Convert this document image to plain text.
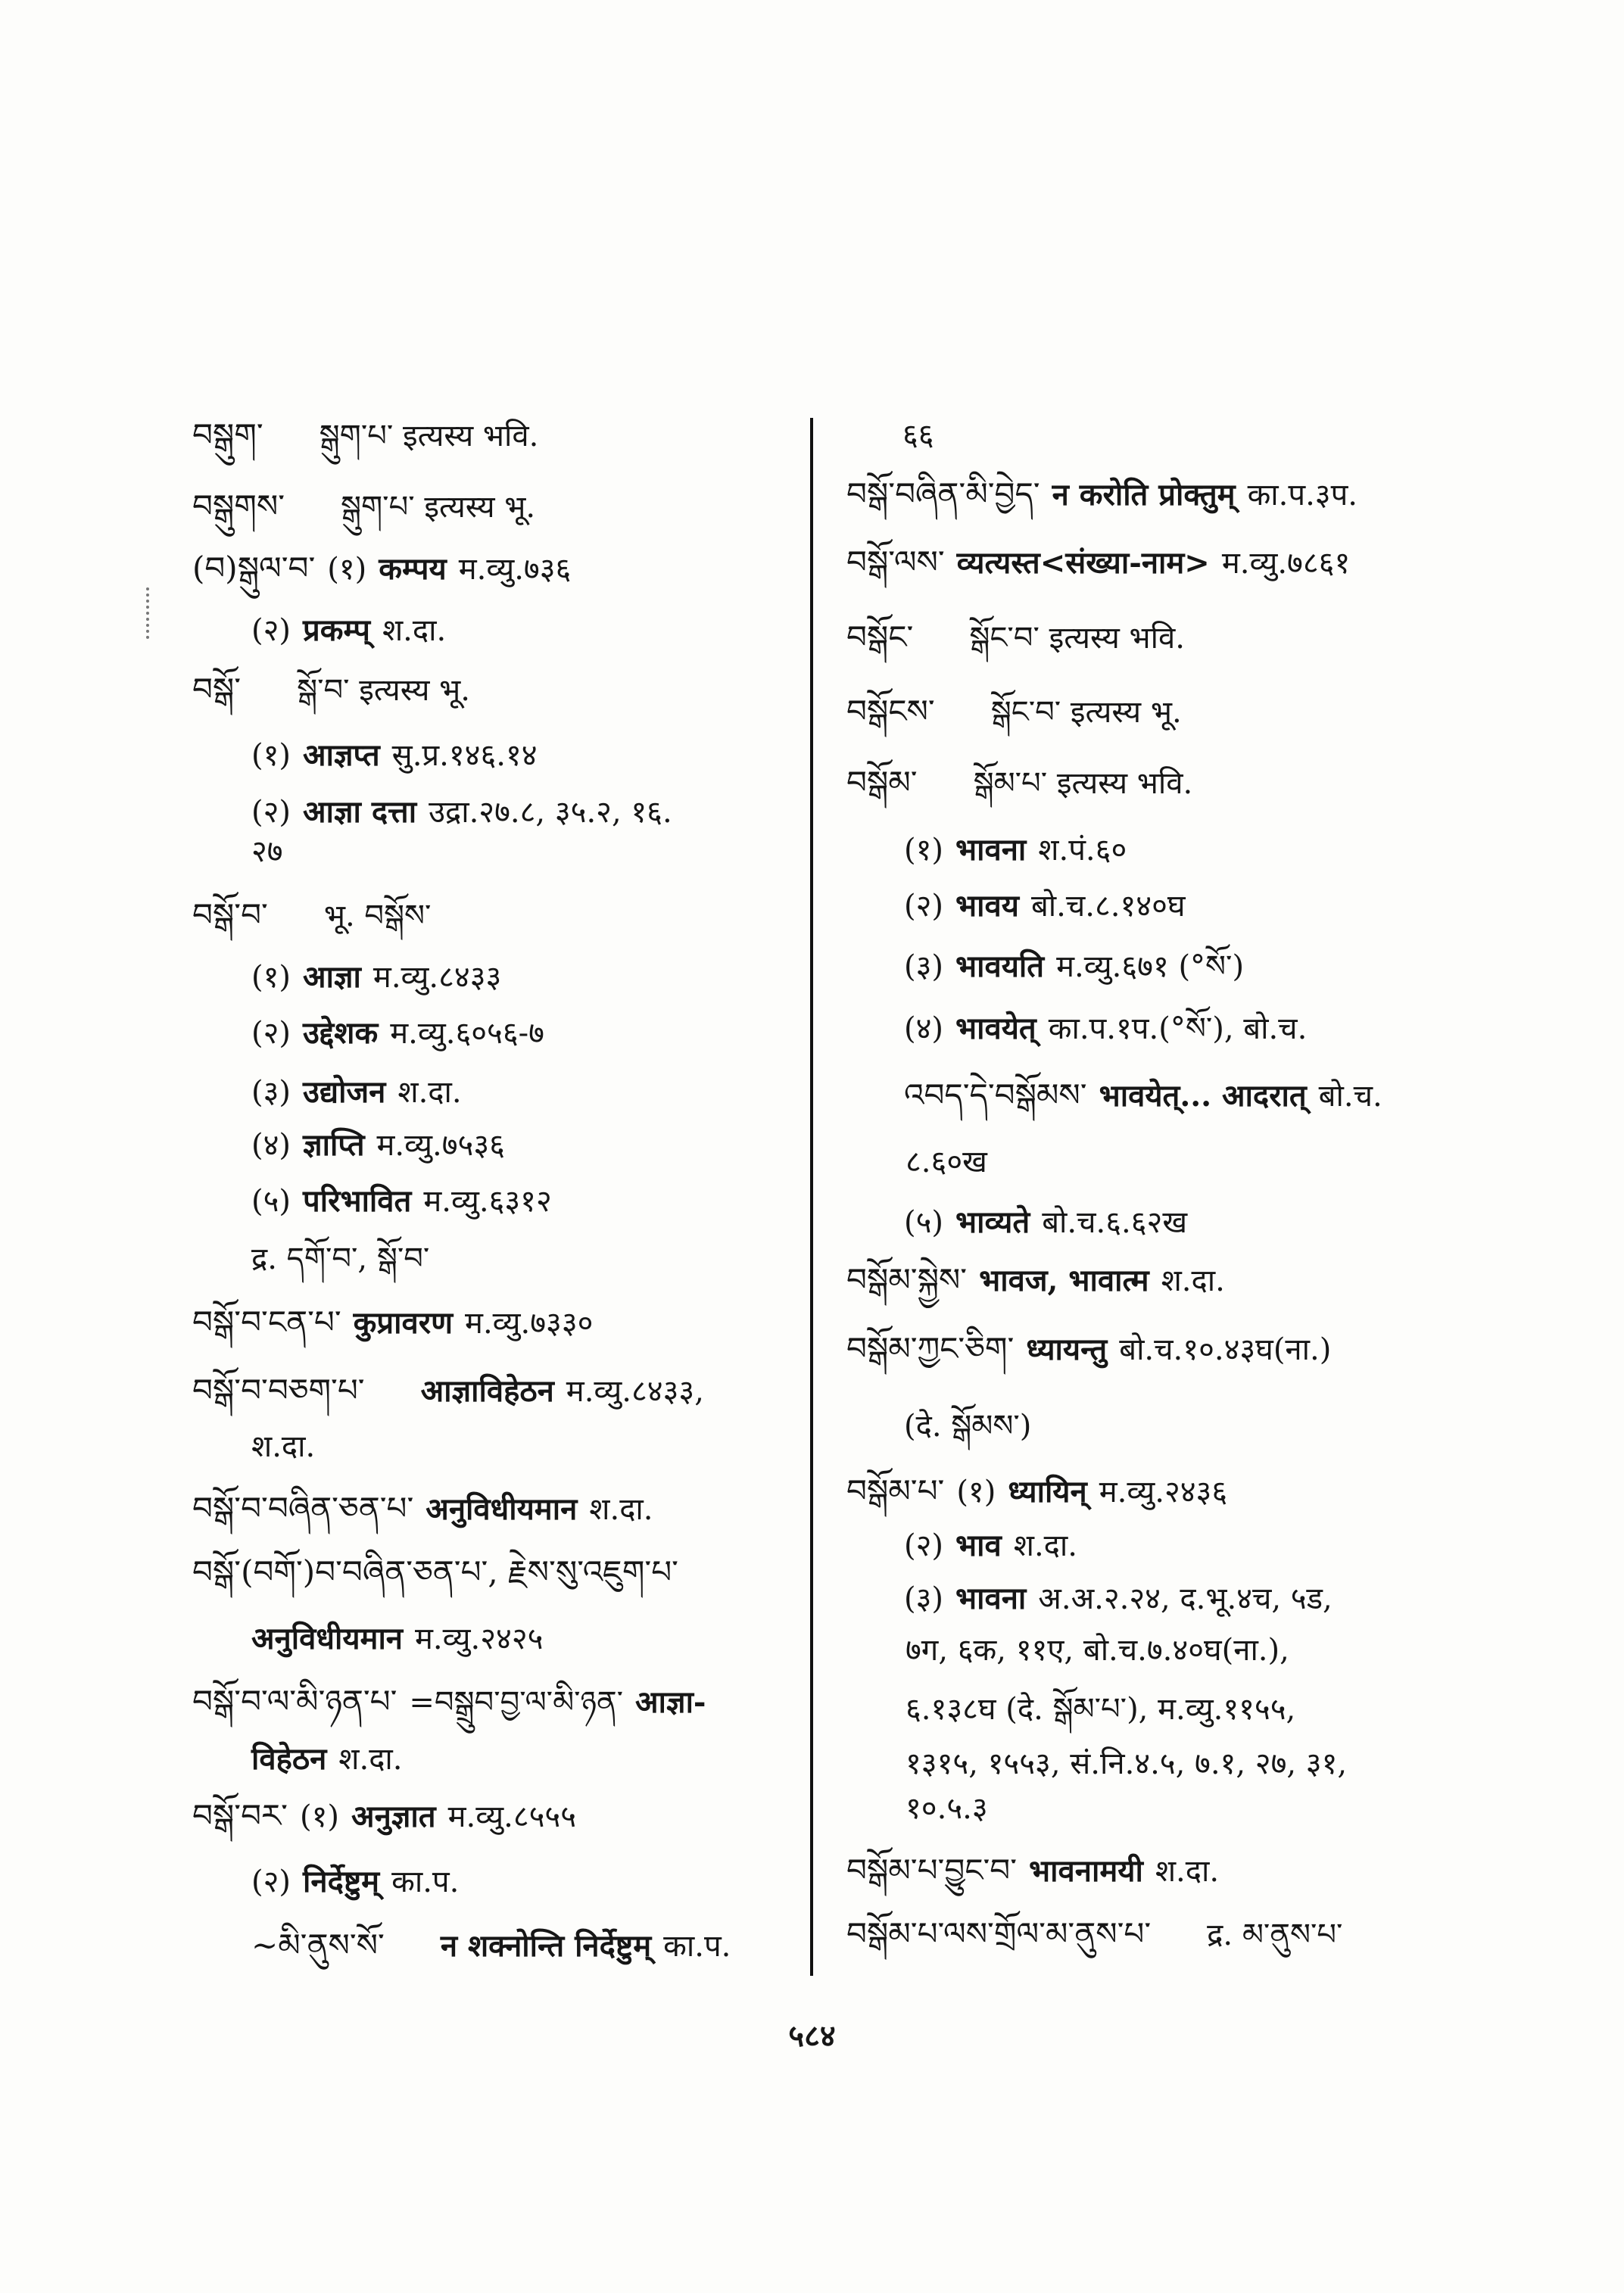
བསྒུག་ སྒུག་པ་ इत्यस्य भवि.
བསྒུགས་ སྒུག་པ་ इत्यस्य भू.
(བ)སྒུལ་བ་ (१) कम्पय म.व्यु.७३६
(२) प्रकम्प् श.दा.
བསྒོ་ སྒོ་བ་ इत्यस्य भू.
(१) आज्ञप्त सु.प्र.१४६.१४
(२) आज्ञा दत्ता उद्रा.२७.८, ३५.२, १६.
२७
བསྒོ་བ་ भू. བསྒོས་
(१) आज्ञा म.व्यु.८४३३
(२) उद्देशक म.व्यु.६०५६-७
(३) उद्योजन श.दा.
(४) ज्ञाप्ति म.व्यु.७५३६
(५) परिभावित म.व्यु.६३१२
द्र. དགོ་བ་, སྒོ་བ་
བསྒོ་བ་ངན་པ་ कुप्रावरण म.व्यु.७३३०
བསྒོ་བ་བཅག་པ་ आज्ञाविहेठन म.व्यु.८४३३,
श.दा.
བསྒོ་བ་བཞིན་ཅན་པ་ अनुविधीयमान श.दा.
བསྒོ་(བགོ་)བ་བཞིན་ཅན་པ་, རྗེས་སུ་འཇུག་པ་
अनुविधीयमान म.व्यु.२४२५
བསྒོ་བ་ལ་མི་ཉན་པ་ =བསྒྲུབ་བྱ་ལ་མི་ཉན་ आज्ञा-
विहेठन श.दा.
བསྒོ་བར་ (१) अनुज्ञात म.व्यु.८५५५
(२) निर्देष्टुम् का.प.
~མི་ནུས་སོ་ न शक्नोन्ति निर्देष्टुम् का.प.
६६
བསྒོ་བཞིན་མི་བྱེད་ न करोति प्रोक्तुम् का.प.३प.
བསྒོ་ལས་ व्यत्यस्त<संख्या-नाम> म.व्यु.७८६१
བསྒོང་ སྒོང་བ་ इत्यस्य भवि.
བསྒོངས་ སྒོང་བ་ इत्यस्य भू.
བསྒོམ་ སྒོམ་པ་ इत्यस्य भवि.
(१) भावना श.पं.६०
(२) भावय बो.च.८.१४०घ
(३) भावयति म.व्यु.६७१ (°སོ་)
(४) भावयेत् का.प.१प.(°སོ་), बो.च.
འབད་དེ་བསྒོམས་ भावयेत्... आदरात् बो.च.
८.६०ख
(५) भाव्यते बो.च.६.६२ख
བསྒོམ་སྐྱེས་ भावज, भावात्म श.दा.
བསྒོམ་ཀྱང་ཅིག་ ध्यायन्तु बो.च.१०.४३घ(ना.)
(दे. སྒོམས་)
བསྒོམ་པ་ (१) ध्यायिन् म.व्यु.२४३६
(२) भाव श.दा.
(३) भावना अ.अ.२.२४, द.भू.४च, ५ड,
७ग, ६क, ११ए, बो.च.७.४०घ(ना.),
६.१३८घ (दे. སྒོམ་པ་), म.व्यु.११५५,
१३१५, १५५३, सं.नि.४.५, ७.१, २७, ३१,
१०.५.३
བསྒོམ་པ་བྱུང་བ་ भावनामयी श.दा.
བསྒོམ་པ་ལས་གྲོལ་མ་ནུས་པ་ द्र. མ་ནུས་པ་
५८४
